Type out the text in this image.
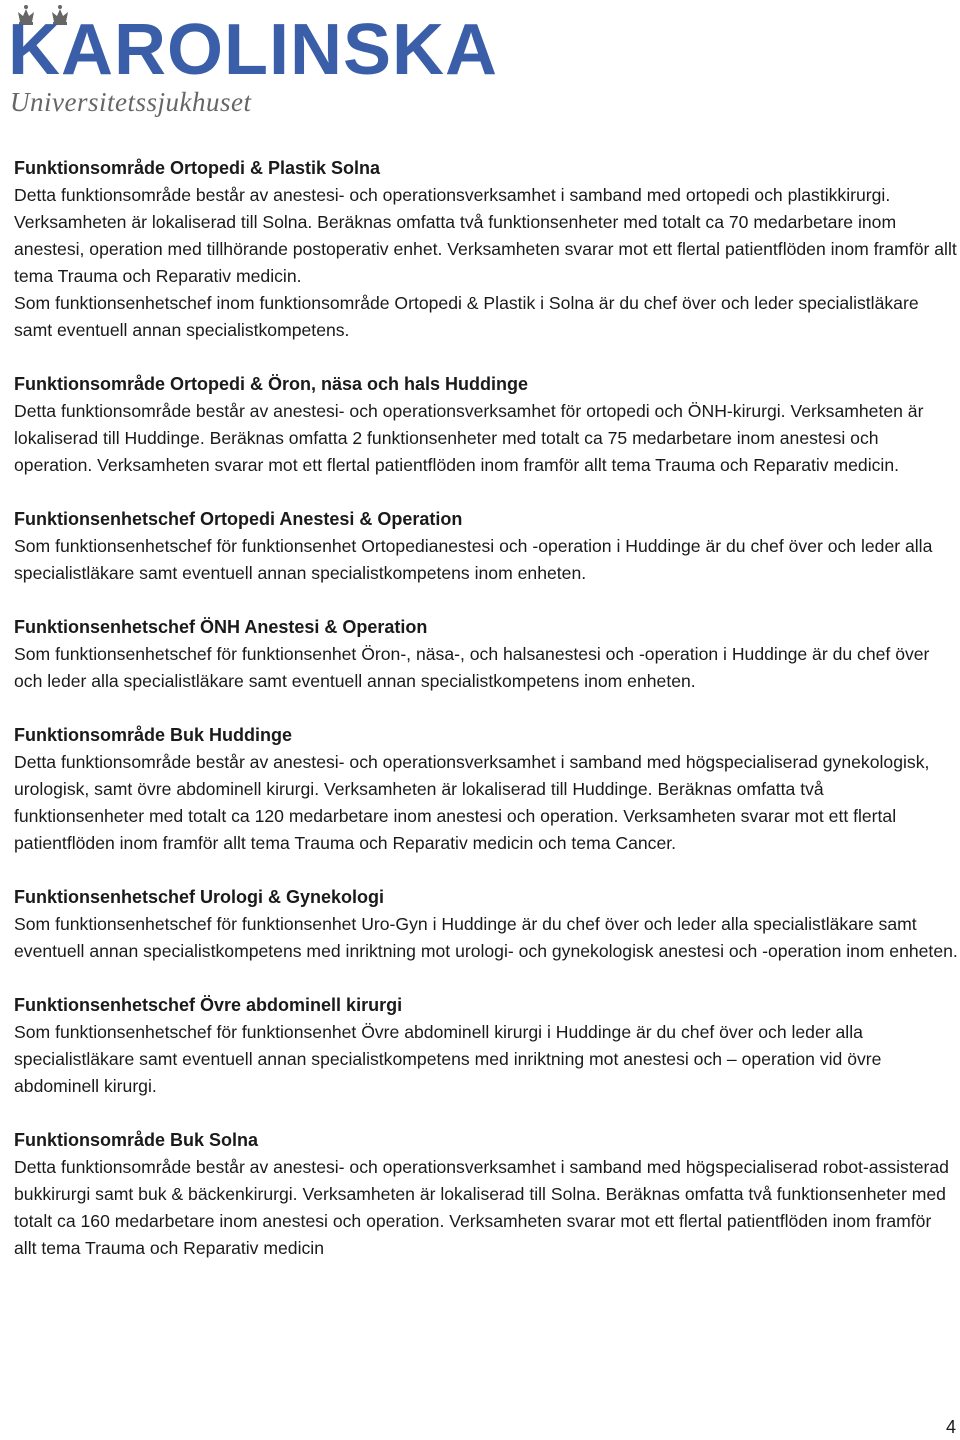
KAROLINSKA
Universitetssjukhuset
Funktionsområde Ortopedi & Plastik Solna

Detta funktionsområde består av anestesi- och operationsverksamhet i samband med ortopedi och plastikkirurgi. Verksamheten är lokaliserad till Solna. Beräknas omfatta två funktionsenheter med totalt ca 70 medarbetare inom anestesi, operation med tillhörande postoperativ enhet. Verksamheten svarar mot ett flertal patientflöden inom framför allt tema Trauma och Reparativ medicin.

Som funktionsenhetschef inom funktionsområde Ortopedi & Plastik i Solna är du chef över och leder specialistläkare samt eventuell annan specialistkompetens.

Funktionsområde Ortopedi & Öron, näsa och hals Huddinge

Detta funktionsområde består av anestesi- och operationsverksamhet för ortopedi och ÖNH-kirurgi. Verksamheten är lokaliserad till Huddinge. Beräknas omfatta 2 funktionsenheter med totalt ca 75 medarbetare inom anestesi och operation. Verksamheten svarar mot ett flertal patientflöden inom framför allt tema Trauma och Reparativ medicin.

Funktionsenhetschef Ortopedi Anestesi & Operation

Som funktionsenhetschef för funktionsenhet Ortopedianestesi och -operation i Huddinge är du chef över och leder alla specialistläkare samt eventuell annan specialistkompetens inom enheten.

Funktionsenhetschef ÖNH Anestesi & Operation

Som funktionsenhetschef för funktionsenhet Öron-, näsa-, och halsanestesi och -operation i Huddinge är du chef över och leder alla specialistläkare samt eventuell annan specialistkompetens inom enheten.

Funktionsområde Buk Huddinge

Detta funktionsområde består av anestesi- och operationsverksamhet i samband med högspecialiserad gynekologisk, urologisk, samt övre abdominell kirurgi. Verksamheten är lokaliserad till Huddinge. Beräknas omfatta två funktionsenheter med totalt ca 120 medarbetare inom anestesi och operation. Verksamheten svarar mot ett flertal patientflöden inom framför allt tema Trauma och Reparativ medicin och tema Cancer.

Funktionsenhetschef Urologi & Gynekologi

Som funktionsenhetschef för funktionsenhet Uro-Gyn i Huddinge är du chef över och leder alla specialistläkare samt eventuell annan specialistkompetens med inriktning mot urologi- och gynekologisk anestesi och -operation inom enheten.

Funktionsenhetschef Övre abdominell kirurgi

Som funktionsenhetschef för funktionsenhet Övre abdominell kirurgi i Huddinge är du chef över och leder alla specialistläkare samt eventuell annan specialistkompetens med inriktning mot anestesi och – operation vid övre abdominell kirurgi.

Funktionsområde Buk Solna

Detta funktionsområde består av anestesi- och operationsverksamhet i samband med högspecialiserad robot-assisterad bukkirurgi samt buk & bäckenkirurgi. Verksamheten är lokaliserad till Solna. Beräknas omfatta två funktionsenheter med totalt ca 160 medarbetare inom anestesi och operation. Verksamheten svarar mot ett flertal patientflöden inom framför allt tema Trauma och Reparativ medicin

4
